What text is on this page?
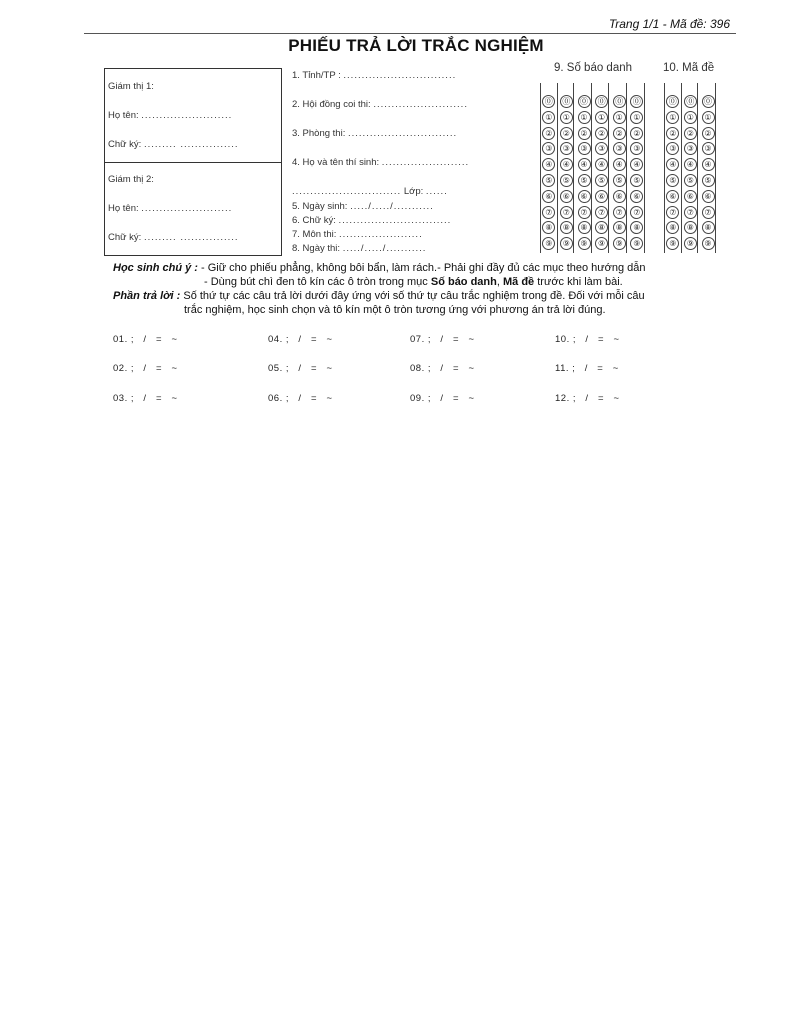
Trang 1/1 - Mã đề: 396
PHIẾU TRẢ LỜI TRẮC NGHIỆM
Giám thị 1:
Họ tên: .........................
Chữ ký: ......... ................
Giám thị 2:
Họ tên: .........................
Chữ ký: ......... ................
1. Tỉnh/TP : ...............................
2. Hội đồng coi thi: ..........................
3. Phòng thi: ..............................
4. Họ và tên thí sinh: ........................
.............................. Lớp: ......
5. Ngày sinh: ...../...../...........
6. Chữ ký: ...............................
7. Môn thi: .......................
8. Ngày thi: ...../...../...........
9. Số báo danh	10. Mã đề
⓪
①
②
③
④
⑤
⑥
⑦
⑧
⑨
⓪
①
②
③
④
⑤
⑥
⑦
⑧
⑨
⓪
①
②
③
④
⑤
⑥
⑦
⑧
⑨
⓪
①
②
③
④
⑤
⑥
⑦
⑧
⑨
⓪
①
②
③
④
⑤
⑥
⑦
⑧
⑨
⓪
①
②
③
④
⑤
⑥
⑦
⑧
⑨
⓪
①
②
③
④
⑤
⑥
⑦
⑧
⑨
⓪
①
②
③
④
⑤
⑥
⑦
⑧
⑨
⓪
①
②
③
④
⑤
⑥
⑦
⑧
⑨
Học sinh chú ý : - Giữ cho phiếu phẳng, không bôi bẩn, làm rách.- Phải ghi đầy đủ các mục theo hướng dẫn
- Dùng bút chì đen tô kín các ô tròn trong mục Số báo danh, Mã đề trước khi làm bài.
Phần trả lời : Số thứ tự các câu trả lời dưới đây ứng với số thứ tự câu trắc nghiệm trong đề. Đối với mỗi câu
trắc nghiệm, học sinh chọn và tô kín một ô tròn tương ứng với phương án trả lời đúng.
01. ;   /   =   ~
02. ;   /   =   ~
03. ;   /   =   ~
04. ;   /   =   ~
05. ;   /   =   ~
06. ;   /   =   ~
07. ;   /   =   ~
08. ;   /   =   ~
09. ;   /   =   ~
10. ;   /   =   ~
11. ;   /   =   ~
12. ;   /   =   ~
